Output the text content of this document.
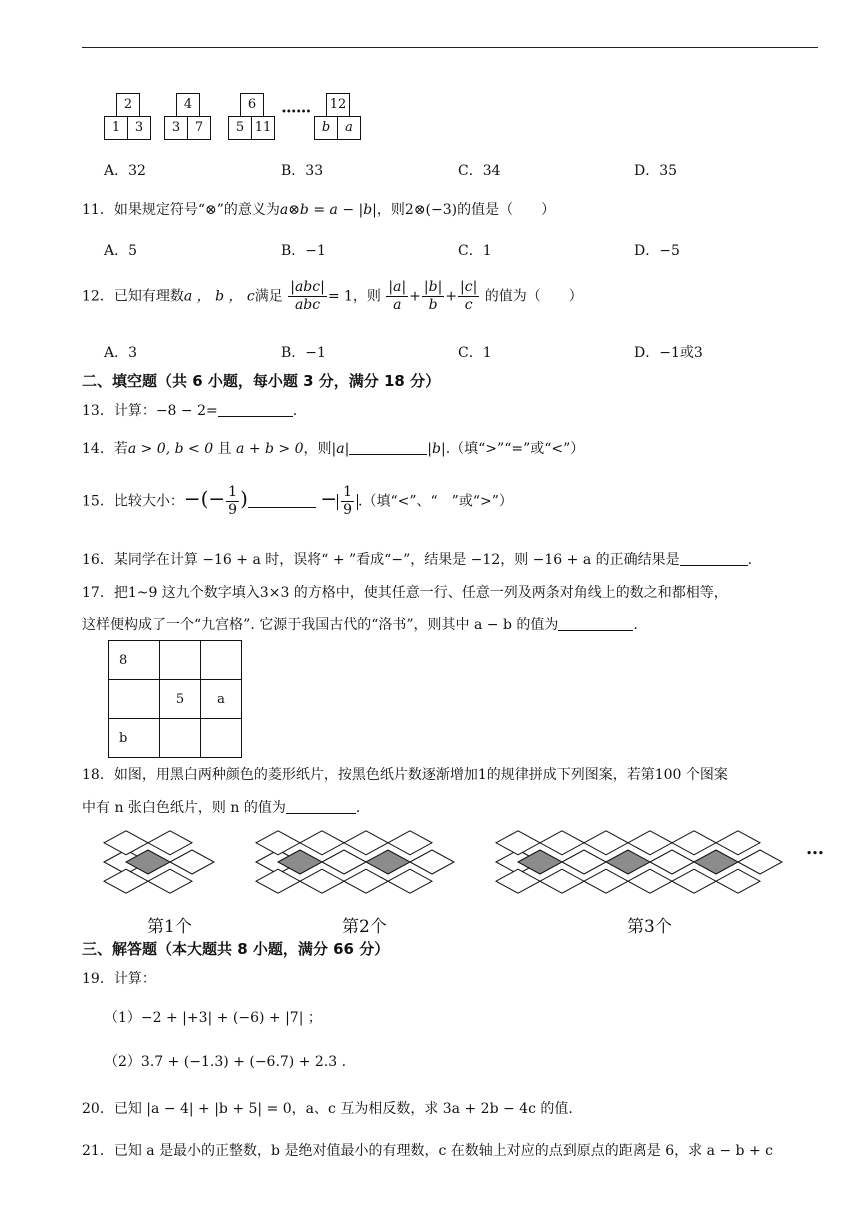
2
1	3
4
3	7
6
5 11
12
b	a
••••••
A．32	B．33	C．34	D．35
11．如果规定符号“⊗”的意义为a⊗b = a − |b|，则2⊗(−3)的值是（　　）
A．5	B．−1	C．1	D．−5
12．已知有理数a ， b ， c满足 $\frac{\text{|abc|}}{\text{abc}} = 1$，则 $\frac{|a|}{a} + \frac{|b|}{b} + \frac{|c|}{c}$ 的值为（　　）
A．3	B．−1	C．1	D．−1或3
二、填空题（共 6 小题，每小题 3 分，满分 18 分）
13．计算：−8 − 2=	.
14．若a > 0, b < 0 且 a + b > 0，则|a|	|b|.（填“>”“=”或“<”）
15．比较大小：−(− $\frac{1}{9}$ )	− $\frac{1}{9}$ .（填“<”、“　”或“>”）
16．某同学在计算 −16 + a 时，误将“ + ”看成“−”，结果是 −12，则 −16 + a 的正确结果是	.
17．把1~9 这九个数字填入3×3 的方格中，使其任意一行、任意一列及两条对角线上的数之和都相等，
这样便构成了一个“九宫格”. 它源于我国古代的“洛书”，则其中 a − b 的值为	.
8		
	5	a
b		
18．如图，用黑白两种颜色的菱形纸片，按黑色纸片数逐渐增加1的规律拼成下列图案，若第100 个图案
中有 n 张白色纸片，则 n 的值为	.
…
第1个	第2个	第3个
三、解答题（本大题共 8 小题，满分 66 分）
19．计算：
（1）−2 + |+3| + (−6) + |7| ；
（2）3.7 + (−1.3) + (−6.7) + 2.3 .
20．已知 |a − 4| + |b + 5| = 0，a、c 互为相反数，求 3a + 2b − 4c 的值.
21．已知 a 是最小的正整数，b 是绝对值最小的有理数，c 在数轴上对应的点到原点的距离是 6，求 a − b + c
